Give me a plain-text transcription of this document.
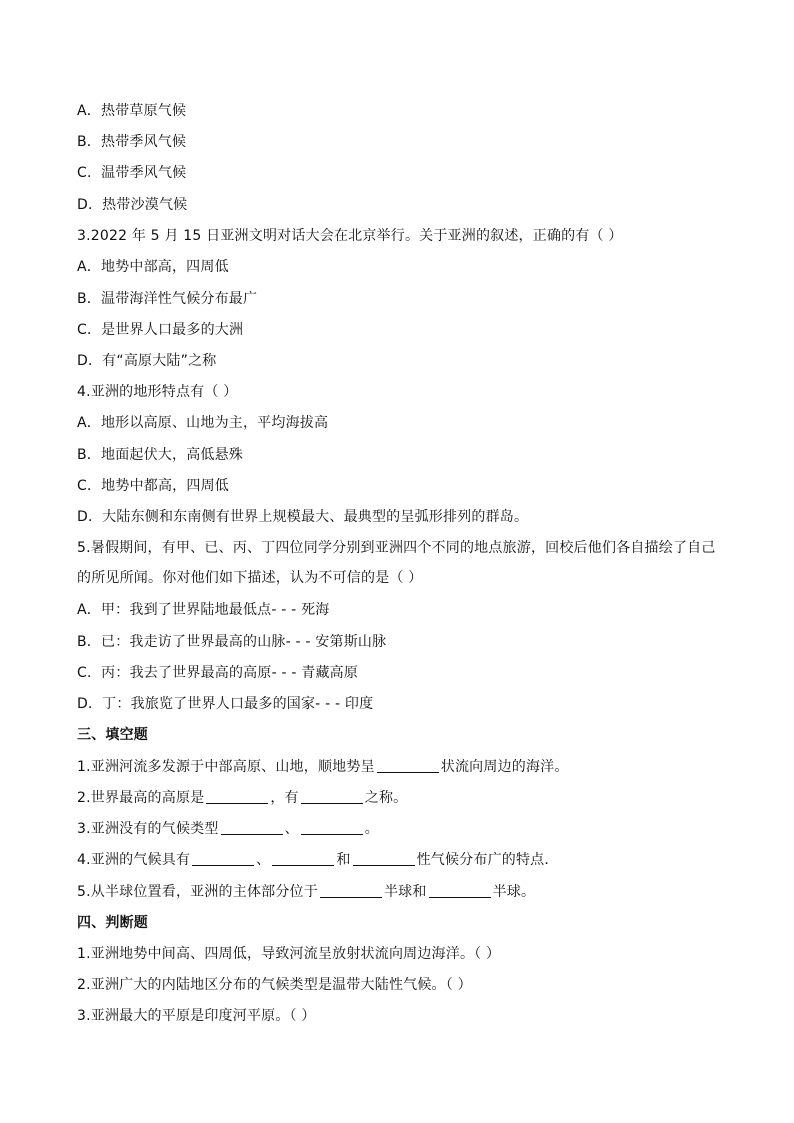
A．热带草原气候
B．热带季风气候
C．温带季风气候
D．热带沙漠气候
3.2022 年 5 月 15 日亚洲文明对话大会在北京举行。关于亚洲的叙述，正确的有（ ）
A．地势中部高，四周低
B．温带海洋性气候分布最广
C．是世界人口最多的大洲
D．有“高原大陆”之称
4.亚洲的地形特点有（ ）
A．地形以高原、山地为主，平均海拔高
B．地面起伏大，高低悬殊
C．地势中都高，四周低
D．大陆东侧和东南侧有世界上规模最大、最典型的呈弧形排列的群岛。
5.暑假期间，有甲、已、丙、丁四位同学分别到亚洲四个不同的地点旅游，回校后他们各自描绘了自己的所见所闻。你对他们如下描述，认为不可信的是（ ）
A．甲：我到了世界陆地最低点- - - 死海
B．已：我走访了世界最高的山脉- - - 安第斯山脉
C．丙：我去了世界最高的高原- - - 青藏高原
D．丁：我旅览了世界人口最多的国家- - - 印度
三、填空题
1.亚洲河流多发源于中部高原、山地，顺地势呈	状流向周边的海洋。
2.世界最高的高原是	，有	之称。
3.亚洲没有的气候类型	、	。
4.亚洲的气候具有	、	和	性气候分布广的特点．
5.从半球位置看，亚洲的主体部分位于	半球和	半球。
四、判断题
1.亚洲地势中间高、四周低，导致河流呈放射状流向周边海洋。（ ）
2.亚洲广大的内陆地区分布的气候类型是温带大陆性气候。（ ）
3.亚洲最大的平原是印度河平原。（ ）
